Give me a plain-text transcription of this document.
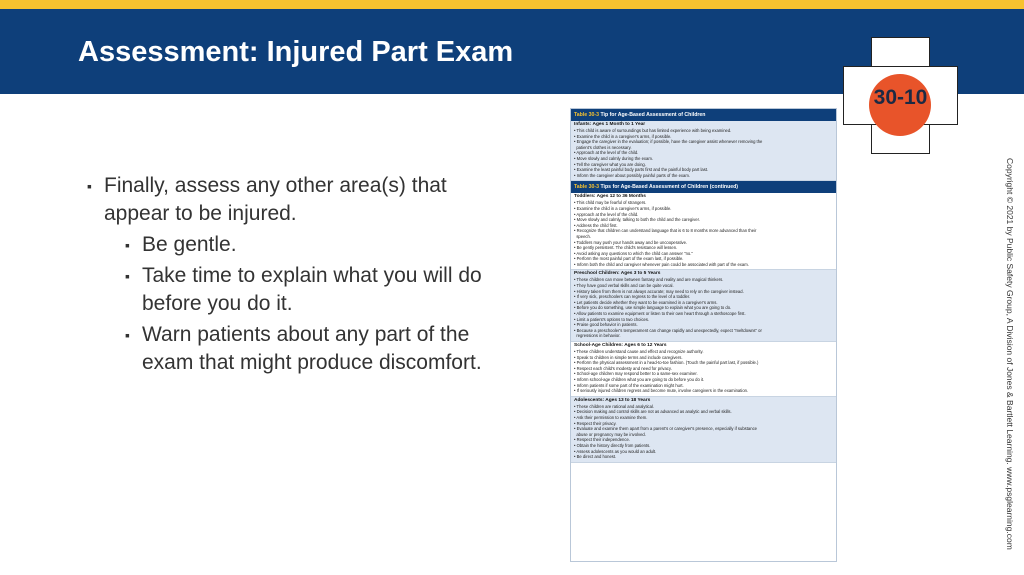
Assessment: Injured Part Exam
30-10
▪ Finally, assess any other area(s) that appear to be injured.
▪ Be gentle.
▪ Take time to explain what you will do before you do it.
▪ Warn patients about any part of the exam that might produce discomfort.	Copyright © 2021 by Public Safety Group, A Division of Jones & Bartlett Learning. www.psglearning.com
Table 30-3 Tip for Age-Based Assessment of Children
Infants: Ages 1 Month to 1 Year
• This child is aware of surroundings but has limited experience with being examined.
• Examine the child in a caregiver's arms, if possible.
• Engage the caregiver in the evaluation; if possible, have the caregiver assist whenever removing the
patient's clothes is necessary.
• Approach at the level of the child.
• Move slowly and calmly during the exam.
• Tell the caregiver what you are doing.
• Examine the least painful body parts first and the painful body part last.
• Inform the caregiver about possibly painful parts of the exam.
Table 30-3 Tips for Age-Based Assessment of Children (continued)
Toddlers: Ages 12 to 36 Months
• This child may be fearful of strangers.
• Examine the child in a caregiver's arms, if possible.
• Approach at the level of the child.
• Move slowly and calmly, talking to both the child and the caregiver.
• Address the child first.
• Recognize that children can understand language that is 6 to 8 months more advanced than their
speech.
• Toddlers may push your hands away and be uncooperative.
• Be gently persistent. The child's resistance will lessen.
• Avoid asking any questions to which the child can answer "no."
• Perform the most painful part of the exam last, if possible.
• Inform both the child and caregiver whenever pain could be associated with part of the exam.
Preschool Children: Ages 3 to 5 Years
• These children can move between fantasy and reality and are magical thinkers.
• They have good verbal skills and can be quite vocal.
• History taken from them is not always accurate; may need to rely on the caregiver instead.
• If very sick, preschoolers can regress to the level of a toddler.
• Let patients decide whether they want to be examined in a caregiver's arms.
• Before you do something, use simple language to explain what you are going to do.
• Allow patients to examine equipment or listen to their own heart through a stethoscope first.
• Limit a patient's options to two choices.
• Praise good behavior in patients.
• Because a preschooler's temperament can change rapidly and unexpectedly, expect "meltdowns" or
regressions in behavior.
School-Age Children: Ages 6 to 12 Years
• These children understand cause and effect and recognize authority.
• Speak to children in simple terms and include caregivers.
• Perform the physical assessment in a head-to-toe fashion. (Touch the painful part last, if possible.)
• Respect each child's modesty and need for privacy.
• School-age children may respond better to a same-sex examiner.
• Inform school-age children what you are going to do before you do it.
• Inform patients if some part of the examination might hurt.
• If seriously injured children regress and become mute, involve caregivers in the examination.
Adolescents: Ages 13 to 18 Years
• These children are rational and analytical.
• Decision making and control skills are not as advanced as analytic and verbal skills.
• Ask their permission to examine them.
• Respect their privacy.
• Evaluate and examine them apart from a parent's or caregiver's presence, especially if substance
abuse or pregnancy may be involved.
• Respect their independence.
• Obtain the history directly from patients.
• Assess adolescents as you would an adult.
• Be direct and honest.
